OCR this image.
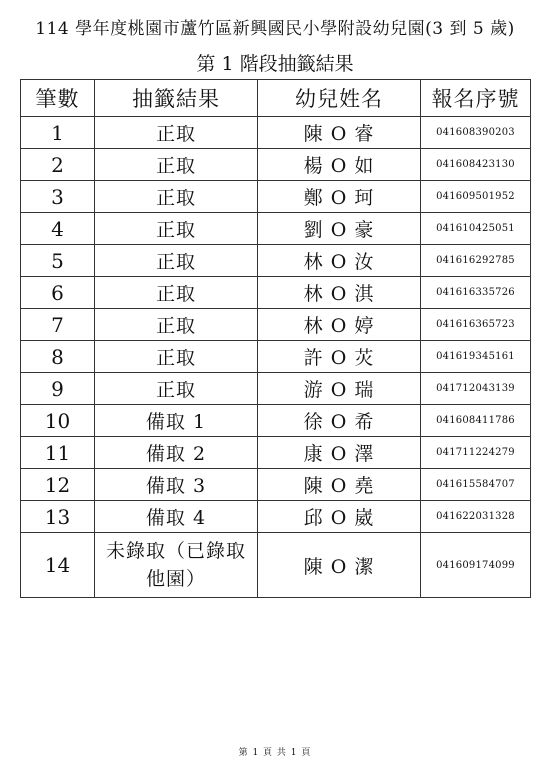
114 學年度桃園市蘆竹區新興國民小學附設幼兒園(3 到 5 歲)
第 1 階段抽籤結果
筆數	抽籤結果	幼兒姓名	報名序號
1	正取	陳 O 睿	041608390203
2	正取	楊 O 如	041608423130
3	正取	鄭 O 珂	041609501952
4	正取	劉 O 豪	041610425051
5	正取	林 O 汝	041616292785
6	正取	林 O 淇	041616335726
7	正取	林 O 婷	041616365723
8	正取	許 O 苂	041619345161
9	正取	游 O 瑞	041712043139
10	備取 1	徐 O 希	041608411786
11	備取 2	康 O 澤	041711224279
12	備取 3	陳 O 堯	041615584707
13	備取 4	邱 O 崴	041622031328
14	未錄取（已錄取他園）	陳 O 潔	041609174099
第 1 頁 共 1 頁
